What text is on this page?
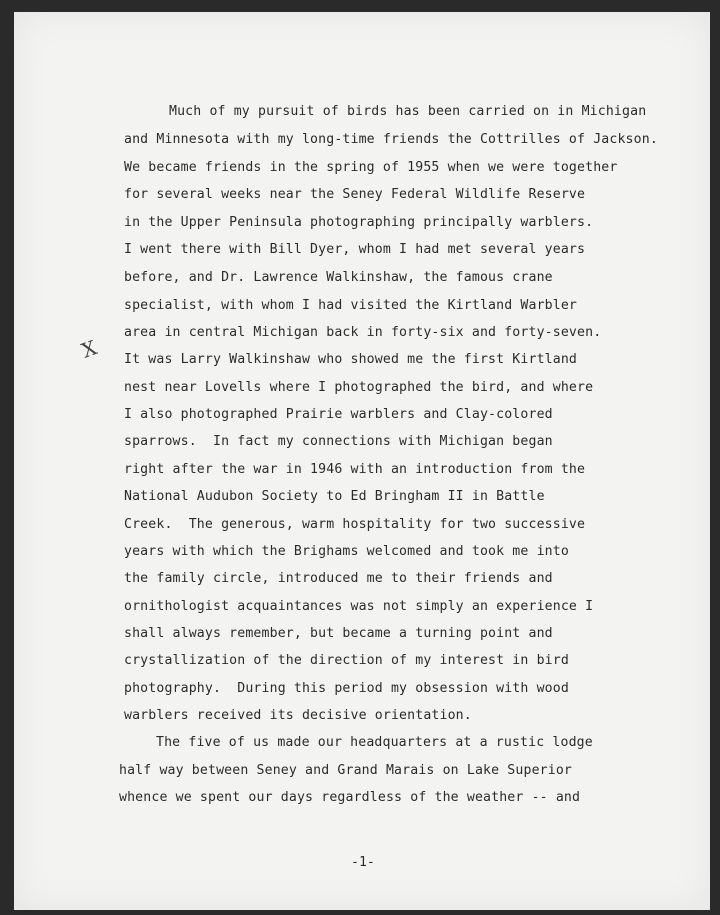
Much of my pursuit of birds has been carried on in Michigan
and Minnesota with my long-time friends the Cottrilles of Jackson.
We became friends in the spring of 1955 when we were together
for several weeks near the Seney Federal Wildlife Reserve
in the Upper Peninsula photographing principally warblers.
I went there with Bill Dyer, whom I had met several years
before, and Dr. Lawrence Walkinshaw, the famous crane
specialist, with whom I had visited the Kirtland Warbler
area in central Michigan back in forty-six and forty-seven.
It was Larry Walkinshaw who showed me the first Kirtland
nest near Lovells where I photographed the bird, and where
I also photographed Prairie warblers and Clay-colored
sparrows.  In fact my connections with Michigan began
right after the war in 1946 with an introduction from the
National Audubon Society to Ed Bringham II in Battle
Creek.  The generous, warm hospitality for two successive
years with which the Brighams welcomed and took me into
the family circle, introduced me to their friends and
ornithologist acquaintances was not simply an experience I
shall always remember, but became a turning point and
crystallization of the direction of my interest in bird
photography.  During this period my obsession with wood
warblers received its decisive orientation.
The five of us made our headquarters at a rustic lodge
half way between Seney and Grand Marais on Lake Superior
whence we spent our days regardless of the weather -- and
X
-1-
